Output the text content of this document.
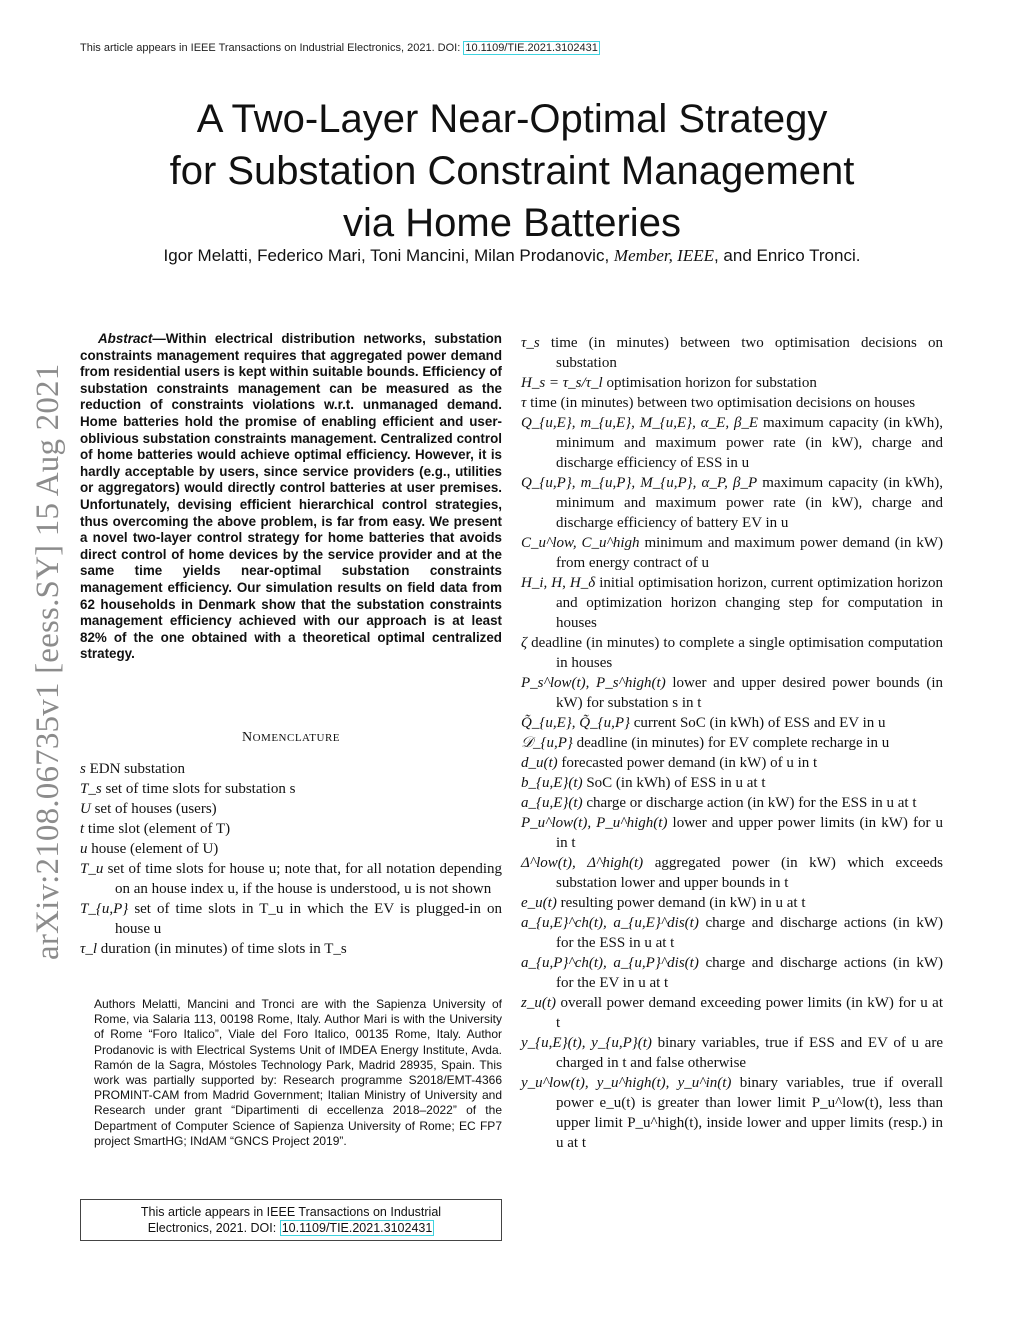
This article appears in IEEE Transactions on Industrial Electronics, 2021. DOI: 10.1109/TIE.2021.3102431
A Two-Layer Near-Optimal Strategy
for Substation Constraint Management
via Home Batteries
Igor Melatti, Federico Mari, Toni Mancini, Milan Prodanovic, Member, IEEE, and Enrico Tronci.
arXiv:2108.06735v1 [eess.SY] 15 Aug 2021
Abstract—Within electrical distribution networks, substation constraints management requires that aggregated power demand from residential users is kept within suitable bounds. Efficiency of substation constraints management can be measured as the reduction of constraints violations w.r.t. unmanaged demand. Home batteries hold the promise of enabling efficient and user-oblivious substation constraints management. Centralized control of home batteries would achieve optimal efficiency. However, it is hardly acceptable by users, since service providers (e.g., utilities or aggregators) would directly control batteries at user premises. Unfortunately, devising efficient hierarchical control strategies, thus overcoming the above problem, is far from easy. We present a novel two-layer control strategy for home batteries that avoids direct control of home devices by the service provider and at the same time yields near-optimal substation constraints management efficiency. Our simulation results on field data from 62 households in Denmark show that the substation constraints management efficiency achieved with our approach is at least 82% of the one obtained with a theoretical optimal centralized strategy.
NOMENCLATURE
s EDN substation
T_s set of time slots for substation s
U set of houses (users)
t time slot (element of T)
u house (element of U)
T_u set of time slots for house u; note that, for all notation depending on an house index u, if the house is understood, u is not shown
T_{u,P} set of time slots in T_u in which the EV is plugged-in on house u
τ_l duration (in minutes) of time slots in T_s
Authors Melatti, Mancini and Tronci are with the Sapienza University of Rome, via Salaria 113, 00198 Rome, Italy. Author Mari is with the University of Rome “Foro Italico”, Viale del Foro Italico, 00135 Rome, Italy. Author Prodanovic is with Electrical Systems Unit of IMDEA Energy Institute, Avda. Ramón de la Sagra, Móstoles Technology Park, Madrid 28935, Spain. This work was partially supported by: Research programme S2018/EMT-4366 PROMINT-CAM from Madrid Government; Italian Ministry of University and Research under grant “Dipartimenti di eccellenza 2018–2022” of the Department of Computer Science of Sapienza University of Rome; EC FP7 project SmartHG; INdAM “GNCS Project 2019”.
This article appears in IEEE Transactions on Industrial
Electronics, 2021. DOI: 10.1109/TIE.2021.3102431
τ_s time (in minutes) between two optimisation decisions on substation
H_s = τ_s/τ_l optimisation horizon for substation
τ time (in minutes) between two optimisation decisions on houses
Q_{u,E}, m_{u,E}, M_{u,E}, α_E, β_E maximum capacity (in kWh), minimum and maximum power rate (in kW), charge and discharge efficiency of ESS in u
Q_{u,P}, m_{u,P}, M_{u,P}, α_P, β_P maximum capacity (in kWh), minimum and maximum power rate (in kW), charge and discharge efficiency of battery EV in u
C_u^low, C_u^high minimum and maximum power demand (in kW) from energy contract of u
H_i, H, H_δ initial optimisation horizon, current optimization horizon and optimization horizon changing step for computation in houses
ζ deadline (in minutes) to complete a single optimisation computation in houses
P_s^low(t), P_s^high(t) lower and upper desired power bounds (in kW) for substation s in t
Q̃_{u,E}, Q̃_{u,P} current SoC (in kWh) of ESS and EV in u
𝒟_{u,P} deadline (in minutes) for EV complete recharge in u
d_u(t) forecasted power demand (in kW) of u in t
b_{u,E}(t) SoC (in kWh) of ESS in u at t
a_{u,E}(t) charge or discharge action (in kW) for the ESS in u at t
P_u^low(t), P_u^high(t) lower and upper power limits (in kW) for u in t
Δ^low(t), Δ^high(t) aggregated power (in kW) which exceeds substation lower and upper bounds in t
e_u(t) resulting power demand (in kW) in u at t
a_{u,E}^ch(t), a_{u,E}^dis(t) charge and discharge actions (in kW) for the ESS in u at t
a_{u,P}^ch(t), a_{u,P}^dis(t) charge and discharge actions (in kW) for the EV in u at t
z_u(t) overall power demand exceeding power limits (in kW) for u at t
y_{u,E}(t), y_{u,P}(t) binary variables, true if ESS and EV of u are charged in t and false otherwise
y_u^low(t), y_u^high(t), y_u^in(t) binary variables, true if overall power e_u(t) is greater than lower limit P_u^low(t), less than upper limit P_u^high(t), inside lower and upper limits (resp.) in u at t
